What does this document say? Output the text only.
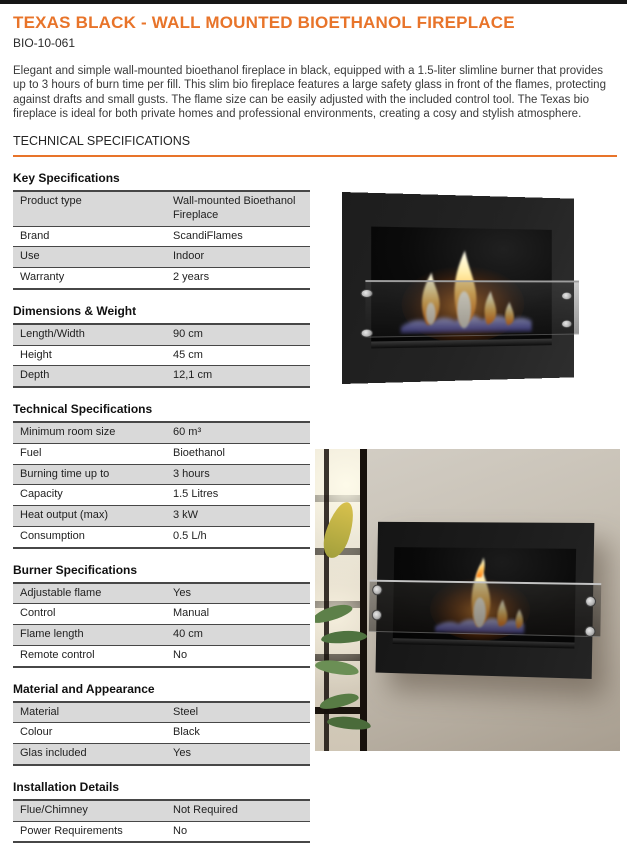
TEXAS BLACK - WALL MOUNTED BIOETHANOL FIREPLACE

BIO-10-061

Elegant and simple wall-mounted bioethanol fireplace in black, equipped with a 1.5-liter slimline burner that provides up to 3 hours of burn time per fill. This slim bio fireplace features a large safety glass in front of the flames, protecting against drafts and small gusts. The flame size can be easily adjusted with the included control tool. The Texas bio fireplace is ideal for both private homes and professional environments, creating a cosy and stylish atmosphere.

TECHNICAL SPECIFICATIONS
Key Specifications
Product type	Wall-mounted Bioethanol Fireplace
Brand	ScandiFlames
Use	Indoor
Warranty	2 years
Dimensions & Weight
Length/Width	90 cm
Height	45 cm
Depth	12,1 cm
Technical Specifications
Minimum room size	60 m³
Fuel	Bioethanol
Burning time up to	3 hours
Capacity	1.5 Litres
Heat output (max)	3 kW
Consumption	0.5 L/h
Burner Specifications
Adjustable flame	Yes
Control	Manual
Flame length	40 cm
Remote control	No
Material and Appearance
Material	Steel
Colour	Black
Glas included	Yes
Installation Details
Flue/Chimney	Not Required
Power Requirements	No
